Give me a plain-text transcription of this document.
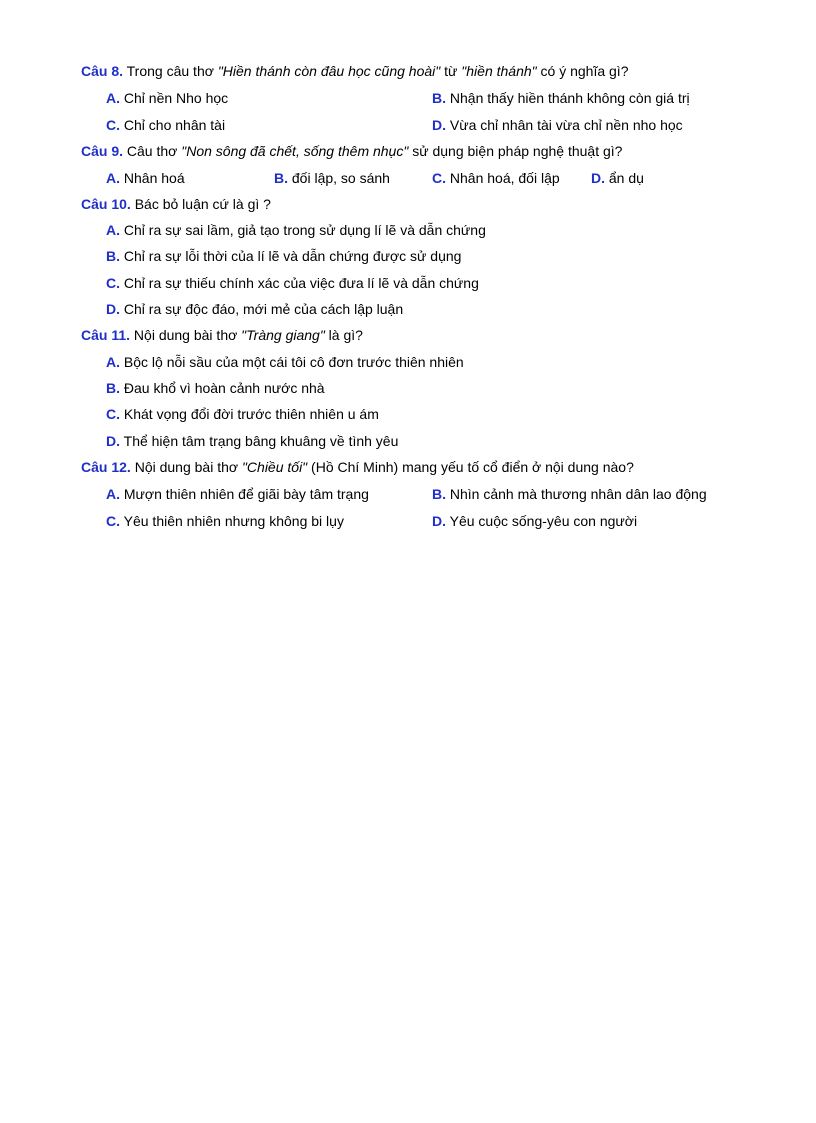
Câu 8. Trong câu thơ "Hiền thánh còn đâu học cũng hoài" từ "hiền thánh" có ý nghĩa gì?
A. Chỉ nền Nho học	B. Nhận thấy hiền thánh không còn giá trị
C. Chỉ cho nhân tài	D. Vừa chỉ nhân tài vừa chỉ nền nho học
Câu 9. Câu thơ "Non sông đã chết, sống thêm nhục" sử dụng biện pháp nghệ thuật gì?
A. Nhân hoá	B. đối lập, so sánh	C. Nhân hoá, đối lập D. ẩn dụ
Câu 10. Bác bỏ luận cứ là gì ?
A. Chỉ ra sự sai lầm, giả tạo trong sử dụng lí lẽ và dẫn chứng
B. Chỉ ra sự lỗi thời của lí lẽ và dẫn chứng được sử dụng
C. Chỉ ra sự thiếu chính xác của việc đưa lí lẽ và dẫn chứng
D. Chỉ ra sự độc đáo, mới mẻ của cách lập luận
Câu 11. Nội dung bài thơ "Tràng giang" là gì?
A. Bộc lộ nỗi sầu của một cái tôi cô đơn trước thiên nhiên
B. Đau khổ vì hoàn cảnh nước nhà
C. Khát vọng đổi đời trước thiên nhiên u ám
D. Thể hiện tâm trạng bâng khuâng về tình yêu
Câu 12. Nội dung bài thơ "Chiều tối" (Hồ Chí Minh) mang yếu tố cổ điển ở nội dung nào?
A. Mượn thiên nhiên để giãi bày tâm trạng	B. Nhìn cảnh mà thương nhân dân lao động
C. Yêu thiên nhiên nhưng không bi lụy	D. Yêu cuộc sống-yêu con người
